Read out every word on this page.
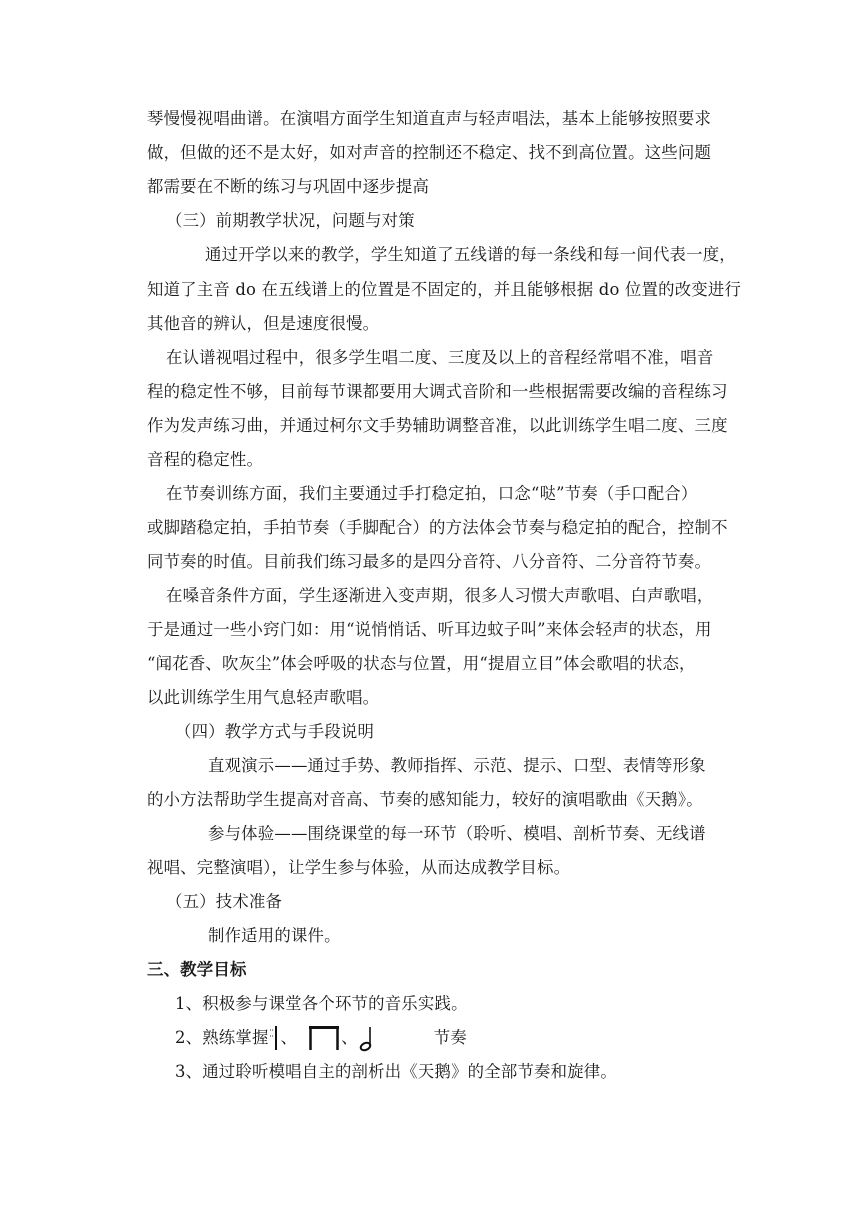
琴慢慢视唱曲谱。在演唱方面学生知道直声与轻声唱法，基本上能够按照要求
做，但做的还不是太好，如对声音的控制还不稳定、找不到高位置。这些问题
都需要在不断的练习与巩固中逐步提高
（三）前期教学状况，问题与对策
通过开学以来的教学，学生知道了五线谱的每一条线和每一间代表一度，
知道了主音 do 在五线谱上的位置是不固定的，并且能够根据 do 位置的改变进行
其他音的辨认，但是速度很慢。
在认谱视唱过程中，很多学生唱二度、三度及以上的音程经常唱不准，唱音
程的稳定性不够，目前每节课都要用大调式音阶和一些根据需要改编的音程练习
作为发声练习曲，并通过柯尔文手势辅助调整音准，以此训练学生唱二度、三度
音程的稳定性。
在节奏训练方面，我们主要通过手打稳定拍，口念“哒”节奏（手口配合）
或脚踏稳定拍，手拍节奏（手脚配合）的方法体会节奏与稳定拍的配合，控制不
同节奏的时值。目前我们练习最多的是四分音符、八分音符、二分音符节奏。
在嗓音条件方面，学生逐渐进入变声期，很多人习惯大声歌唱、白声歌唱，
于是通过一些小窍门如：用“说悄悄话、听耳边蚊子叫”来体会轻声的状态，用
“闻花香、吹灰尘”体会呼吸的状态与位置，用“提眉立目”体会歌唱的状态，
以此训练学生用气息轻声歌唱。
（四）教学方式与手段说明
直观演示——通过手势、教师指挥、示范、提示、口型、表情等形象
的小方法帮助学生提高对音高、节奏的感知能力，较好的演唱歌曲《天鹅》。
参与体验——围绕课堂的每一环节（聆听、模唱、剖析节奏、无线谱
视唱、完整演唱），让学生参与体验，从而达成教学目标。
（五）技术准备
制作适用的课件。
三、教学目标
1、积极参与课堂各个环节的音乐实践。
2、熟练掌握 、	、	节奏
3、通过聆听模唱自主的剖析出《天鹅》的全部节奏和旋律。
